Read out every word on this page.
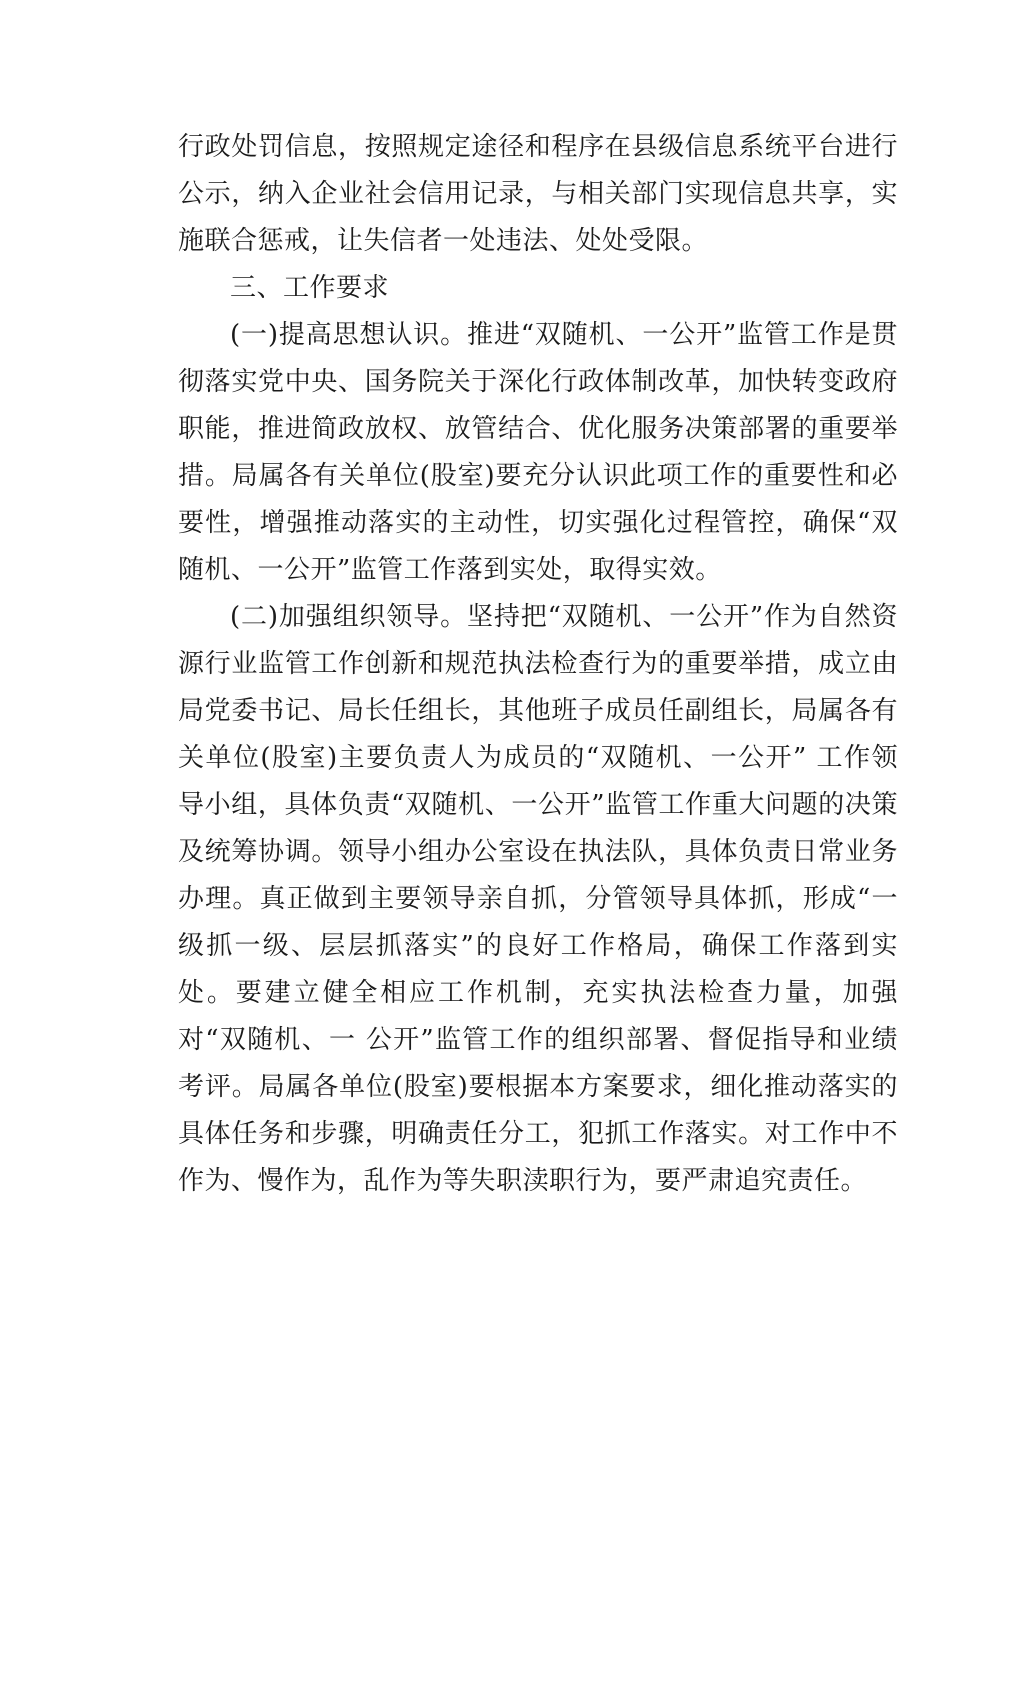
行政处罚信息，按照规定途径和程序在县级信息系统平台进行公示，纳入企业社会信用记录，与相关部门实现信息共享，实施联合惩戒，让失信者一处违法、处处受限。

三、工作要求

(一)提高思想认识。推进“双随机、一公开”监管工作是贯彻落实党中央、国务院关于深化行政体制改革，加快转变政府职能，推进简政放权、放管结合、优化服务决策部署的重要举措。局属各有关单位(股室)要充分认识此项工作的重要性和必要性，增强推动落实的主动性，切实强化过程管控，确保“双随机、一公开”监管工作落到实处，取得实效。

(二)加强组织领导。坚持把“双随机、一公开”作为自然资源行业监管工作创新和规范执法检查行为的重要举措，成立由局党委书记、局长任组长，其他班子成员任副组长，局属各有关单位(股室)主要负责人为成员的“双随机、一公开” 工作领导小组，具体负责“双随机、一公开”监管工作重大问题的决策及统筹协调。领导小组办公室设在执法队，具体负责日常业务办理。真正做到主要领导亲自抓，分管领导具体抓，形成“一级抓一级、层层抓落实”的良好工作格局，确保工作落到实处。要建立健全相应工作机制，充实执法检查力量，加强对“双随机、一 公开”监管工作的组织部署、督促指导和业绩考评。局属各单位(股室)要根据本方案要求，细化推动落实的具体任务和步骤，明确责任分工，犯抓工作落实。对工作中不作为、慢作为，乱作为等失职渎职行为，要严肃追究责任。
